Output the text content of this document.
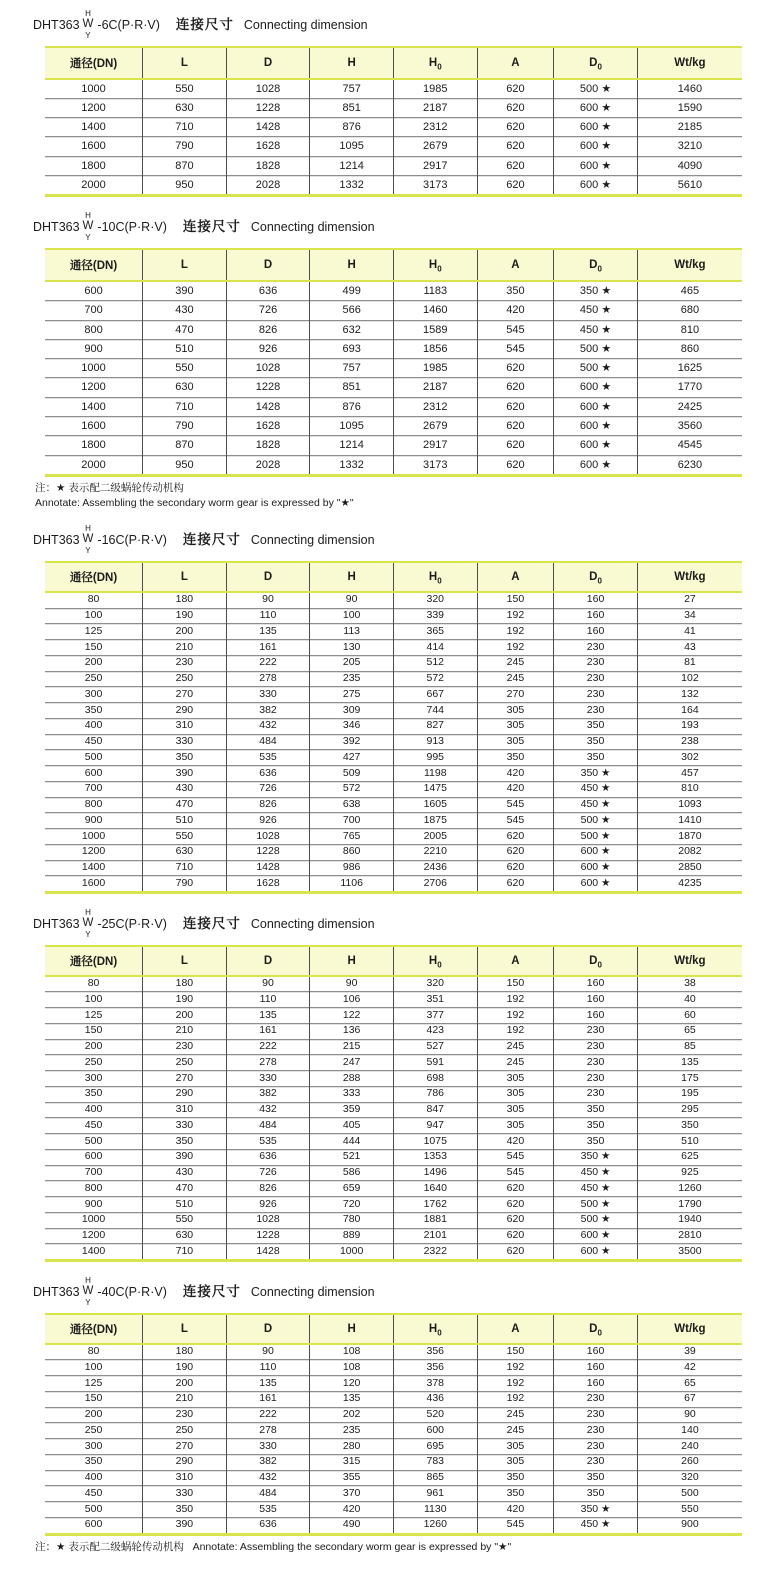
DHT363
H
W
Y
-6C(P·R·V) 连接尺寸 Connecting dimension
通径(DN)	L	D	H	$H_0$	A	$D_0$	Wt/kg
1000	550	1028	757	1985	620	500 ★	1460
1200	630	1228	851	2187	620	600 ★	1590
1400	710	1428	876	2312	620	600 ★	2185
1600	790	1628	1095	2679	620	600 ★	3210
1800	870	1828	1214	2917	620	600 ★	4090
2000	950	2028	1332	3173	620	600 ★	5610
DHT363
H
W
Y
-10C(P·R·V) 连接尺寸 Connecting dimension
通径(DN)	L	D	H	$H_0$	A	$D_0$	Wt/kg
600	390	636	499	1183	350	350 ★	465
700	430	726	566	1460	420	450 ★	680
800	470	826	632	1589	545	450 ★	810
900	510	926	693	1856	545	500 ★	860
1000	550	1028	757	1985	620	500 ★	1625
1200	630	1228	851	2187	620	600 ★	1770
1400	710	1428	876	2312	620	600 ★	2425
1600	790	1628	1095	2679	620	600 ★	3560
1800	870	1828	1214	2917	620	600 ★	4545
2000	950	2028	1332	3173	620	600 ★	6230
注：★ 表示配二级蜗轮传动机构
Annotate: Assembling the secondary worm gear is expressed by "★"
DHT363
H
W
Y
-16C(P·R·V) 连接尺寸 Connecting dimension
通径(DN)	L	D	H	$H_0$	A	$D_0$	Wt/kg
80	180	90	90	320	150	160	27
100	190	110	100	339	192	160	34
125	200	135	113	365	192	160	41
150	210	161	130	414	192	230	43
200	230	222	205	512	245	230	81
250	250	278	235	572	245	230	102
300	270	330	275	667	270	230	132
350	290	382	309	744	305	230	164
400	310	432	346	827	305	350	193
450	330	484	392	913	305	350	238
500	350	535	427	995	350	350	302
600	390	636	509	1198	420	350 ★	457
700	430	726	572	1475	420	450 ★	810
800	470	826	638	1605	545	450 ★	1093
900	510	926	700	1875	545	500 ★	1410
1000	550	1028	765	2005	620	500 ★	1870
1200	630	1228	860	2210	620	600 ★	2082
1400	710	1428	986	2436	620	600 ★	2850
1600	790	1628	1106	2706	620	600 ★	4235
DHT363
H
W
Y
-25C(P·R·V) 连接尺寸 Connecting dimension
通径(DN)	L	D	H	$H_0$	A	$D_0$	Wt/kg
80	180	90	90	320	150	160	38
100	190	110	106	351	192	160	40
125	200	135	122	377	192	160	60
150	210	161	136	423	192	230	65
200	230	222	215	527	245	230	85
250	250	278	247	591	245	230	135
300	270	330	288	698	305	230	175
350	290	382	333	786	305	230	195
400	310	432	359	847	305	350	295
450	330	484	405	947	305	350	350
500	350	535	444	1075	420	350	510
600	390	636	521	1353	545	350 ★	625
700	430	726	586	1496	545	450 ★	925
800	470	826	659	1640	620	450 ★	1260
900	510	926	720	1762	620	500 ★	1790
1000	550	1028	780	1881	620	500 ★	1940
1200	630	1228	889	2101	620	600 ★	2810
1400	710	1428	1000	2322	620	600 ★	3500
DHT363
H
W
Y
-40C(P·R·V) 连接尺寸 Connecting dimension
通径(DN)	L	D	H	$H_0$	A	$D_0$	Wt/kg
80	180	90	108	356	150	160	39
100	190	110	108	356	192	160	42
125	200	135	120	378	192	160	65
150	210	161	135	436	192	230	67
200	230	222	202	520	245	230	90
250	250	278	235	600	245	230	140
300	270	330	280	695	305	230	240
350	290	382	315	783	305	230	260
400	310	432	355	865	350	350	320
450	330	484	370	961	350	350	500
500	350	535	420	1130	420	350 ★	550
600	390	636	490	1260	545	450 ★	900
注：★ 表示配二级蜗轮传动机构   Annotate: Assembling the secondary worm gear is expressed by "★"
